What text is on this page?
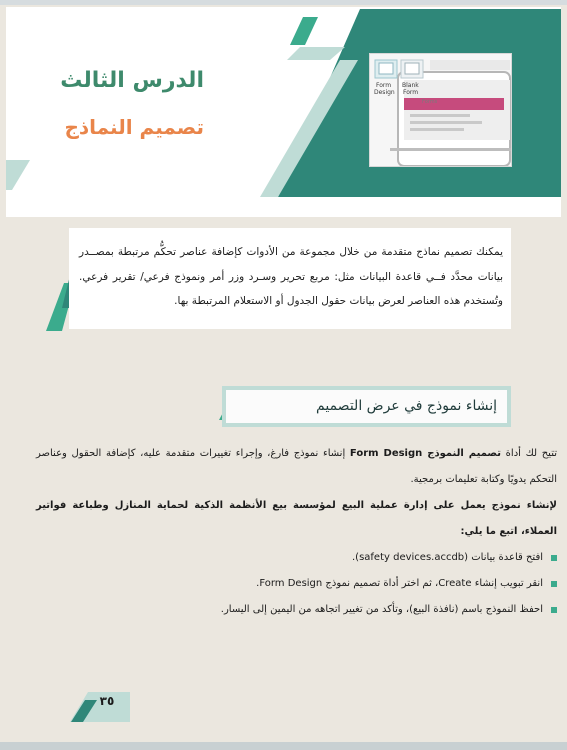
الدرس الثالث
تصميم النماذج
Form
Design
Blank
Form
Forms
يمكنك تصميم نماذج متقدمة من خلال مجموعة من الأدوات كإضافة عناصر تحكُّم مرتبطة بمصــدر بيانات محدَّد فــي قاعدة البيانات مثل: مربع تحرير وسـرد وزر أمر ونموذج فرعي/ تقرير فرعي. وتُستخدم هذه العناصر لعرض بيانات حقول الجدول أو الاستعلام المرتبطة بها.
إنشاء نموذج في عرض التصميم

تتيح لك أداة تصميم النموذج Form Design إنشاء نموذج فارغ، وإجراء تغييرات متقدمة عليه، كإضافة الحقول وعناصر التحكم يدويًا وكتابة تعليمات برمجية.

لإنشاء نموذج يعمل على إدارة عملية البيع لمؤسسة بيع الأنظمة الذكية لحماية المنازل وطباعة فواتير العملاء، اتبع ما يلي:

افتح قاعدة بيانات (safety devices.accdb).
انقر تبويب إنشاء Create، ثم اختر أداة تصميم نموذج Form Design.
احفظ النموذج باسم (نافذة البيع)، وتأكد من تغيير اتجاهه من اليمين إلى اليسار.
٣٥
